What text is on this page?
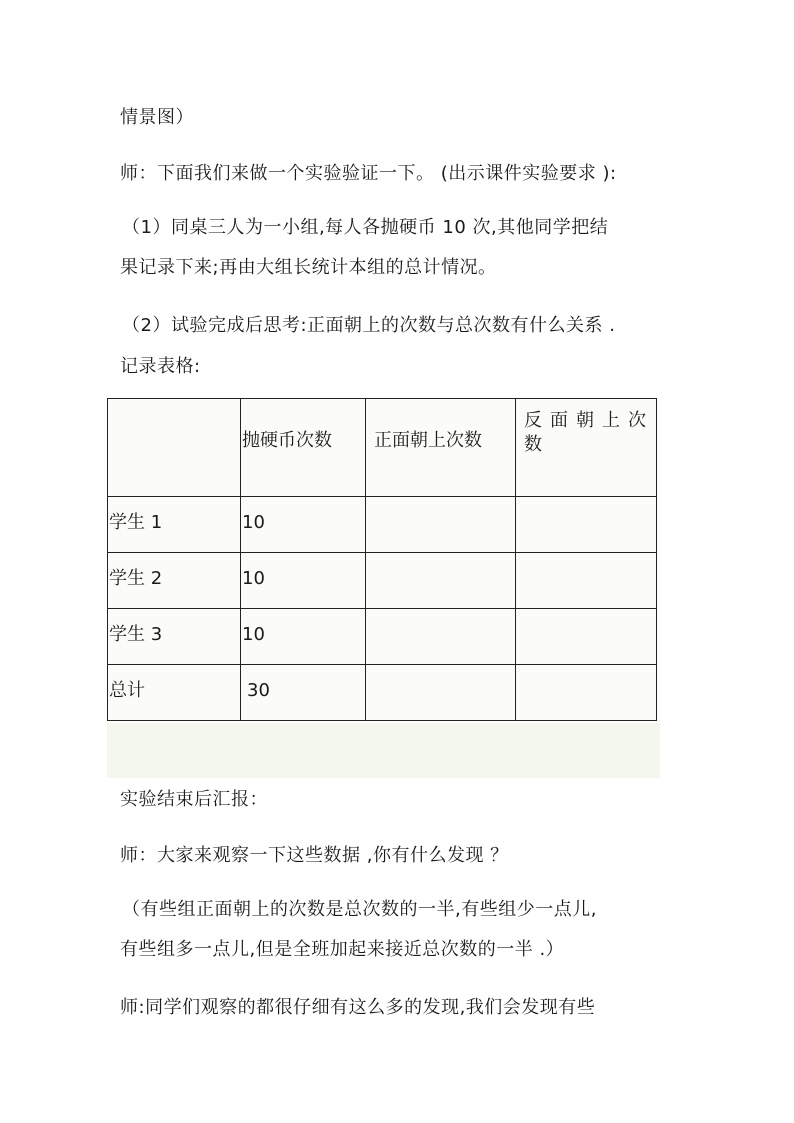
情景图）
师：下面我们来做一个实验验证一下。 (出示课件实验要求 ):
（1）同桌三人为一小组,每人各抛硬币 10 次,其他同学把结
果记录下来;再由大组长统计本组的总计情况。
（2）试验完成后思考:正面朝上的次数与总次数有什么关系 .
记录表格:

	抛硬币次数	正面朝上次数	反面朝上次数

学生 1	10		

学生 2	10		

学生 3	10		

总计	30		

实验结束后汇报：
师：大家来观察一下这些数据 ,你有什么发现 ？
（有些组正面朝上的次数是总次数的一半,有些组少一点儿,
有些组多一点儿,但是全班加起来接近总次数的一半 .）
师:同学们观察的都很仔细有这么多的发现,我们会发现有些
